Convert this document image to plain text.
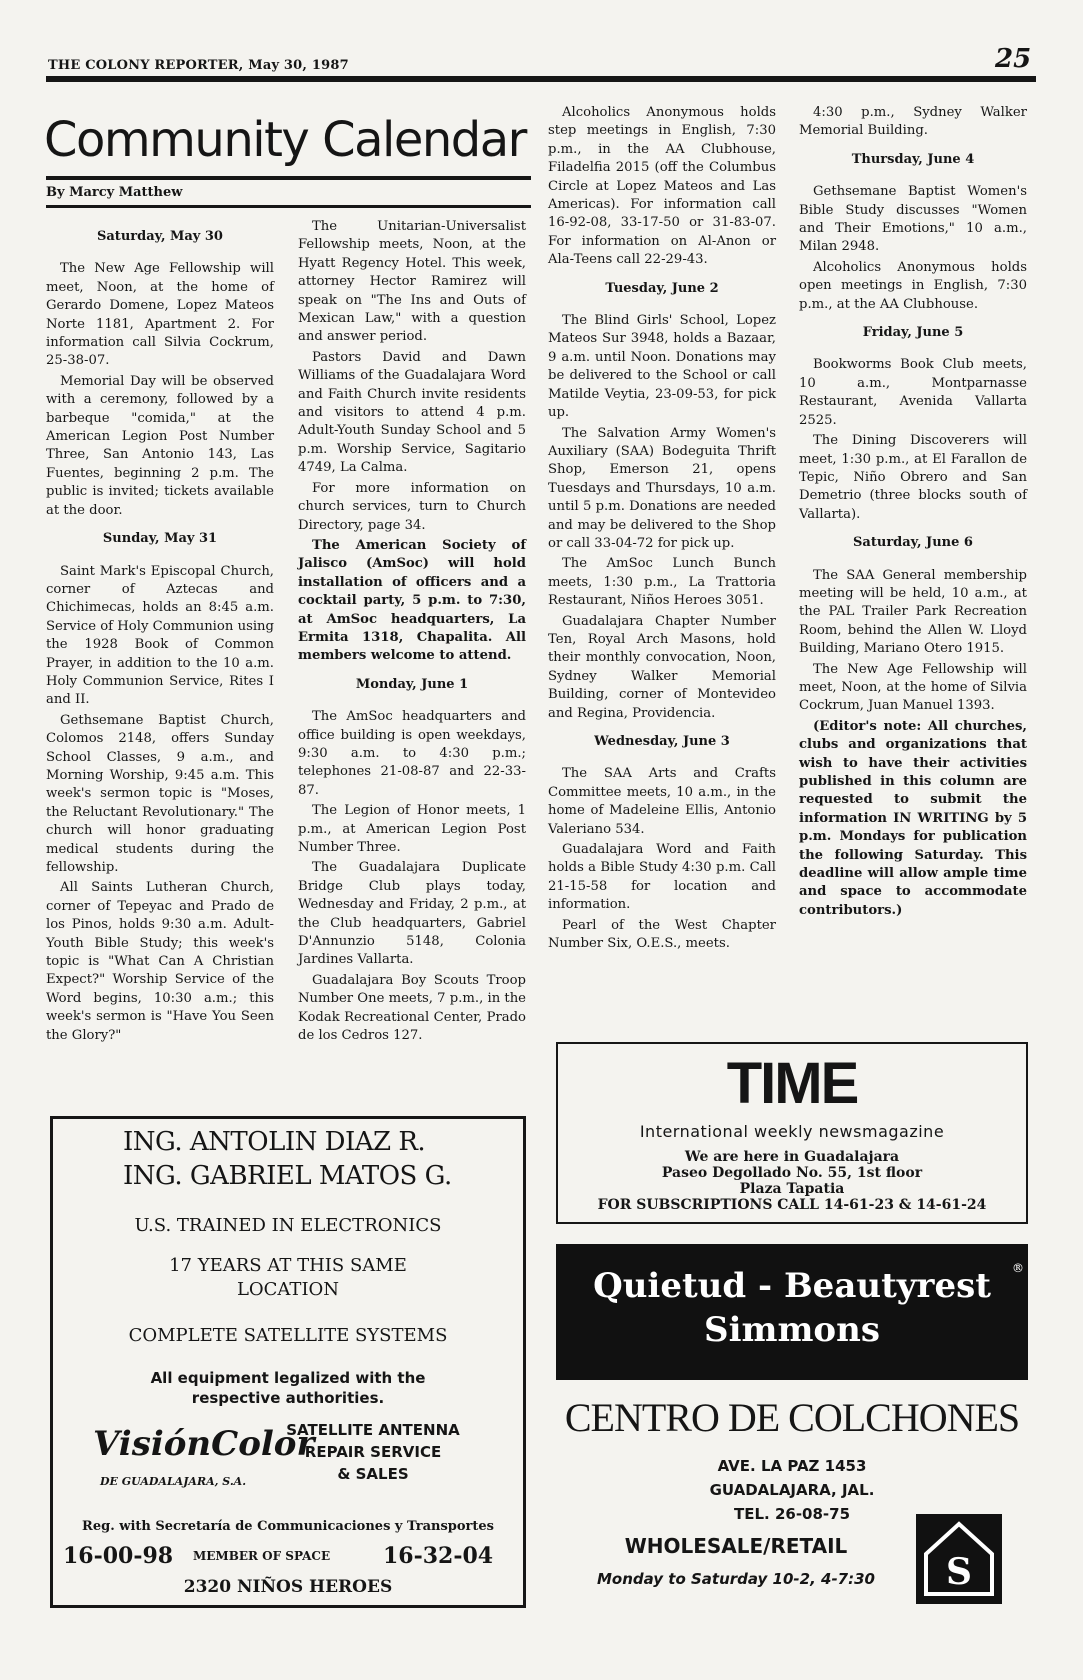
THE COLONY REPORTER, May 30, 1987	25
Community Calendar
By Marcy Matthew
Saturday, May 30

The New Age Fellowship will meet, Noon, at the home of Gerardo Domene, Lopez Mateos Norte 1181, Apartment 2. For information call Silvia Cockrum, 25-38-07.

Memorial Day will be observed with a ceremony, followed by a barbeque "comida," at the American Legion Post Number Three, San Antonio 143, Las Fuentes, beginning 2 p.m. The public is invited; tickets available at the door.

Sunday, May 31

Saint Mark's Episcopal Church, corner of Aztecas and Chichimecas, holds an 8:45 a.m. Service of Holy Communion using the 1928 Book of Common Prayer, in addition to the 10 a.m. Holy Communion Service, Rites I and II.

Gethsemane Baptist Church, Colomos 2148, offers Sunday School Classes, 9 a.m., and Morning Worship, 9:45 a.m. This week's sermon topic is "Moses, the Reluctant Revolutionary." The church will honor graduating medical students during the fellowship.

All Saints Lutheran Church, corner of Tepeyac and Prado de los Pinos, holds 9:30 a.m. Adult-Youth Bible Study; this week's topic is "What Can A Christian Expect?" Worship Service of the Word begins, 10:30 a.m.; this week's sermon is "Have You Seen the Glory?"

The Unitarian-Universalist Fellowship meets, Noon, at the Hyatt Regency Hotel. This week, attorney Hector Ramirez will speak on "The Ins and Outs of Mexican Law," with a question and answer period.

Pastors David and Dawn Williams of the Guadalajara Word and Faith Church invite residents and visitors to attend 4 p.m. Adult-Youth Sunday School and 5 p.m. Worship Service, Sagitario 4749, La Calma.

For more information on church services, turn to Church Directory, page 34.

The American Society of Jalisco (AmSoc) will hold installation of officers and a cocktail party, 5 p.m. to 7:30, at AmSoc headquarters, La Ermita 1318, Chapalita. All members welcome to attend.

Monday, June 1

The AmSoc headquarters and office building is open weekdays, 9:30 a.m. to 4:30 p.m.; telephones 21-08-87 and 22-33-87.

The Legion of Honor meets, 1 p.m., at American Legion Post Number Three.

The Guadalajara Duplicate Bridge Club plays today, Wednesday and Friday, 2 p.m., at the Club headquarters, Gabriel D'Annunzio 5148, Colonia Jardines Vallarta.

Guadalajara Boy Scouts Troop Number One meets, 7 p.m., in the Kodak Recreational Center, Prado de los Cedros 127.

Alcoholics Anonymous holds step meetings in English, 7:30 p.m., in the AA Clubhouse, Filadelfia 2015 (off the Columbus Circle at Lopez Mateos and Las Americas). For information call 16-92-08, 33-17-50 or 31-83-07. For information on Al-Anon or Ala-Teens call 22-29-43.

Tuesday, June 2

The Blind Girls' School, Lopez Mateos Sur 3948, holds a Bazaar, 9 a.m. until Noon. Donations may be delivered to the School or call Matilde Veytia, 23-09-53, for pick up.

The Salvation Army Women's Auxiliary (SAA) Bodeguita Thrift Shop, Emerson 21, opens Tuesdays and Thursdays, 10 a.m. until 5 p.m. Donations are needed and may be delivered to the Shop or call 33-04-72 for pick up.

The AmSoc Lunch Bunch meets, 1:30 p.m., La Trattoria Restaurant, Niños Heroes 3051.

Guadalajara Chapter Number Ten, Royal Arch Masons, hold their monthly convocation, Noon, Sydney Walker Memorial Building, corner of Montevideo and Regina, Providencia.

Wednesday, June 3

The SAA Arts and Crafts Committee meets, 10 a.m., in the home of Madeleine Ellis, Antonio Valeriano 534.

Guadalajara Word and Faith holds a Bible Study 4:30 p.m. Call 21-15-58 for location and information.

Pearl of the West Chapter Number Six, O.E.S., meets.

4:30 p.m., Sydney Walker Memorial Building.

Thursday, June 4

Gethsemane Baptist Women's Bible Study discusses "Women and Their Emotions," 10 a.m., Milan 2948.

Alcoholics Anonymous holds open meetings in English, 7:30 p.m., at the AA Clubhouse.

Friday, June 5

Bookworms Book Club meets, 10 a.m., Montparnasse Restaurant, Avenida Vallarta 2525.

The Dining Discoverers will meet, 1:30 p.m., at El Farallon de Tepic, Niño Obrero and San Demetrio (three blocks south of Vallarta).

Saturday, June 6

The SAA General membership meeting will be held, 10 a.m., at the PAL Trailer Park Recreation Room, behind the Allen W. Lloyd Building, Mariano Otero 1915.

The New Age Fellowship will meet, Noon, at the home of Silvia Cockrum, Juan Manuel 1393.

(Editor's note: All churches, clubs and organizations that wish to have their activities published in this column are requested to submit the information IN WRITING by 5 p.m. Mondays for publication the following Saturday. This deadline will allow ample time and space to accommodate contributors.)

ING. ANTOLIN DIAZ R.
ING. GABRIEL MATOS G.
U.S. TRAINED IN ELECTRONICS
17 YEARS AT THIS SAME
LOCATION
COMPLETE SATELLITE SYSTEMS
All equipment legalized with the
respective authorities.
VisiónColor
DE GUADALAJARA, S.A.
SATELLITE ANTENNA
REPAIR SERVICE
& SALES
Reg. with Secretaría de Communicaciones y Transportes
16-00-98 MEMBER OF SPACE 16-32-04
2320 NIÑOS HEROES
TIME
International weekly newsmagazine
We are here in Guadalajara
Paseo Degollado No. 55, 1st floor
Plaza Tapatia
FOR SUBSCRIPTIONS CALL 14-61-23 & 14-61-24
Quietud - Beautyrest
Simmons
®
CENTRO DE COLCHONES
AVE. LA PAZ 1453
GUADALAJARA, JAL.
TEL. 26-08-75
WHOLESALE/RETAIL
Monday to Saturday 10-2, 4-7:30	S
